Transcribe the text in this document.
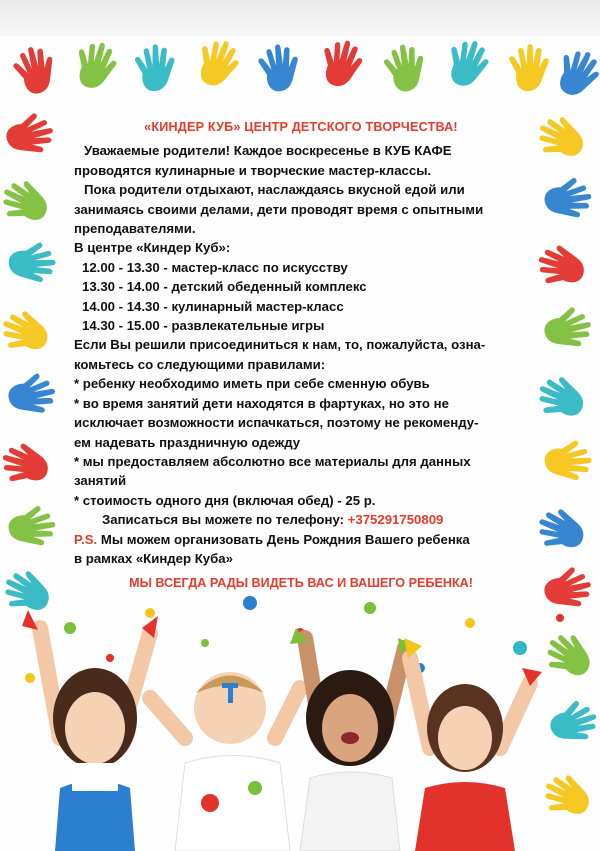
«КИНДЕР КУБ» ЦЕНТР ДЕТСКОГО ТВОРЧЕСТВА!

Уважаемые родители! Каждое воскресенье в КУБ КАФЕ

проводятся кулинарные и творческие мастер-классы.

Пока родители отдыхают, наслаждаясь вкусной едой или

занимаясь своими делами, дети проводят время с опытными

преподавателями.

В центре «Киндер Куб»:

12.00 - 13.30 - мастер-класс по искусству

13.30 - 14.00 - детский обеденный комплекс

14.00 - 14.30 - кулинарный мастер-класс

14.30 - 15.00 - развлекательные игры

Если Вы решили присоединиться к нам, то, пожалуйста, озна-

комьтесь со следующими правилами:

* ребенку необходимо иметь при себе сменную обувь

* во время занятий дети находятся в фартуках, но это не

исключает возможности испачкаться, поэтому не рекоменду-

ем надевать праздничную одежду

* мы предоставляем абсолютно все материалы для данных

занятий

* стоимость одного дня (включая обед) - 25 р.

Записаться вы можете по телефону: +375291750809

P.S. Мы можем организовать День Рождния Вашего ребенка

в рамках «Киндер Куба»

МЫ ВСЕГДА РАДЫ ВИДЕТЬ ВАС И ВАШЕГО РЕБЕНКА!
